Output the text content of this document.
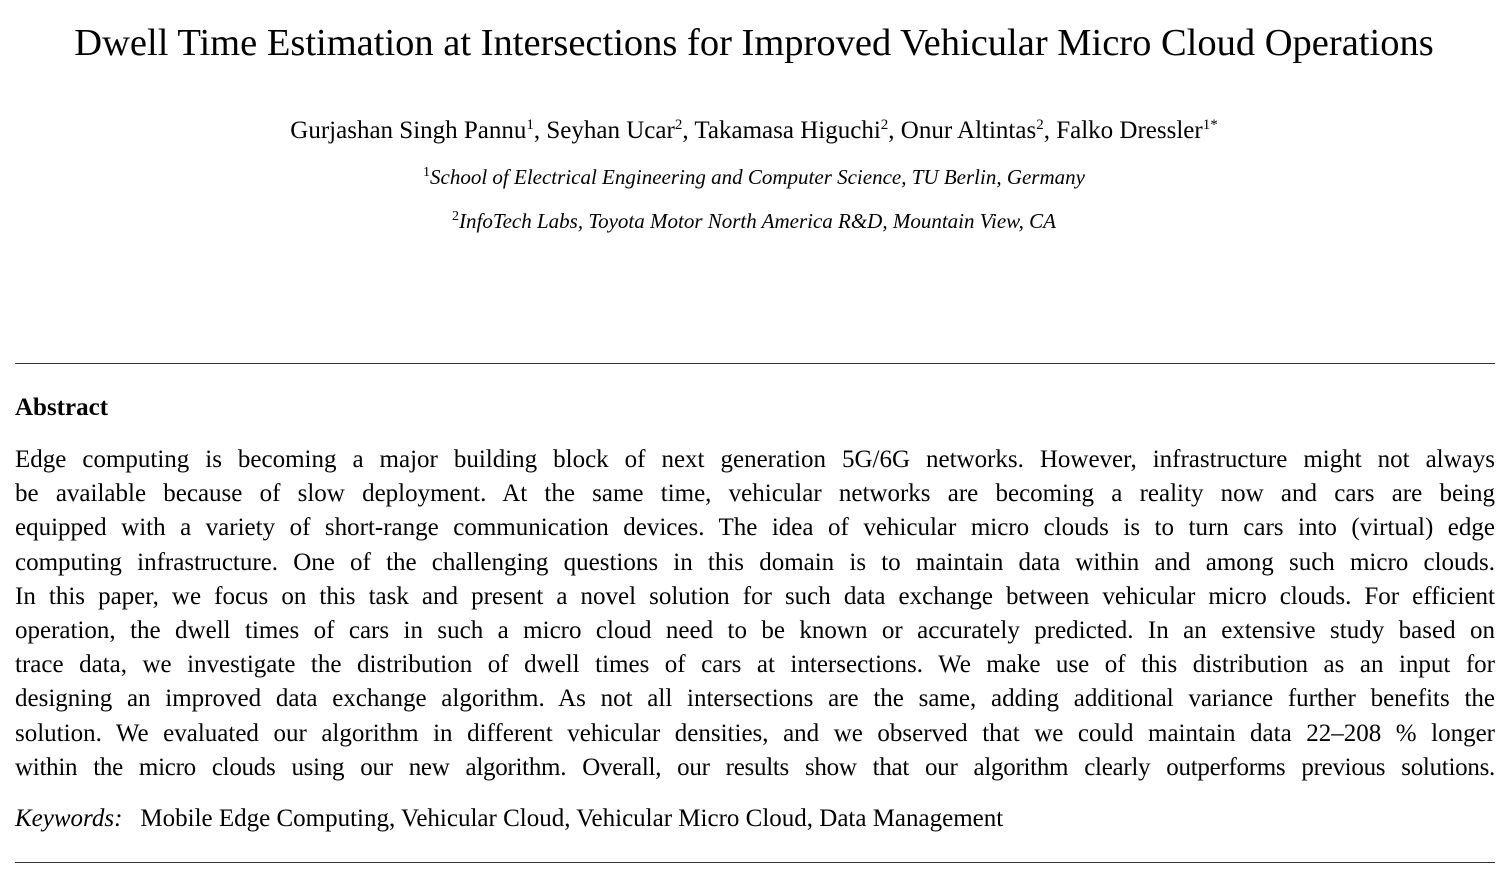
Dwell Time Estimation at Intersections for Improved Vehicular Micro Cloud Operations
Gurjashan Singh Pannu$^1$, Seyhan Ucar$^2$, Takamasa Higuchi$^2$, Onur Altintas$^2$, Falko Dressler$^{1*}$
$^1$School of Electrical Engineering and Computer Science, TU Berlin, Germany
$^2$InfoTech Labs, Toyota Motor North America R&D, Mountain View, CA
Abstract
Edge computing is becoming a major building block of next generation 5G/6G networks. However, infrastructure might not always
be available because of slow deployment. At the same time, vehicular networks are becoming a reality now and cars are being
equipped with a variety of short-range communication devices. The idea of vehicular micro clouds is to turn cars into (virtual) edge
computing infrastructure. One of the challenging questions in this domain is to maintain data within and among such micro clouds.
In this paper, we focus on this task and present a novel solution for such data exchange between vehicular micro clouds. For efficient
operation, the dwell times of cars in such a micro cloud need to be known or accurately predicted. In an extensive study based on
trace data, we investigate the distribution of dwell times of cars at intersections. We make use of this distribution as an input for
designing an improved data exchange algorithm. As not all intersections are the same, adding additional variance further benefits the
solution. We evaluated our algorithm in different vehicular densities, and we observed that we could maintain data 22–208 % longer
within the micro clouds using our new algorithm. Overall, our results show that our algorithm clearly outperforms previous solutions.
Keywords: Mobile Edge Computing, Vehicular Cloud, Vehicular Micro Cloud, Data Management
